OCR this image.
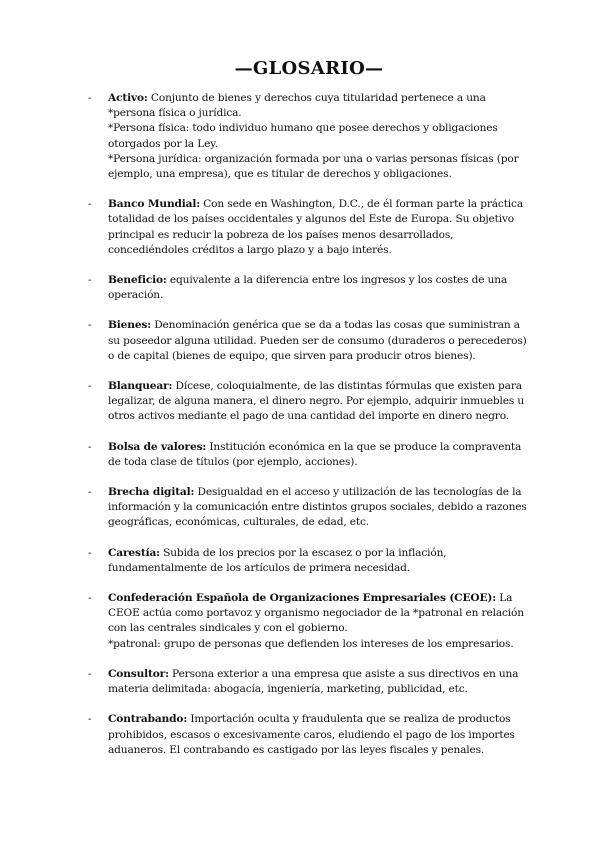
—GLOSARIO—
- Activo: Conjunto de bienes y derechos cuya titularidad pertenece a una *persona física o jurídica.
*Persona física: todo individuo humano que posee derechos y obligaciones otorgados por la Ley.
*Persona jurídica: organización formada por una o varias personas físicas (por ejemplo, una empresa), que es titular de derechos y obligaciones.
- Banco Mundial: Con sede en Washington, D.C., de él forman parte la práctica totalidad de los países occidentales y algunos del Este de Europa. Su objetivo principal es reducir la pobreza de los países menos desarrollados, concediéndoles créditos a largo plazo y a bajo interés.
- Beneficio: equivalente a la diferencia entre los ingresos y los costes de una operación.
- Bienes: Denominación genérica que se da a todas las cosas que suministran a su poseedor alguna utilidad. Pueden ser de consumo (duraderos o perecederos) o de capital (bienes de equipo, que sirven para producir otros bienes).
- Blanquear: Dícese, coloquialmente, de las distintas fórmulas que existen para legalizar, de alguna manera, el dinero negro. Por ejemplo, adquirir inmuebles u otros activos mediante el pago de una cantidad del importe en dinero negro.
- Bolsa de valores: Institución económica en la que se produce la compraventa de toda clase de títulos (por ejemplo, acciones).
- Brecha digital: Desigualdad en el acceso y utilización de las tecnologías de la información y la comunicación entre distintos grupos sociales, debido a razones geográficas, económicas, culturales, de edad, etc.
- Carestía: Subida de los precios por la escasez o por la inflación, fundamentalmente de los artículos de primera necesidad.
- Confederación Española de Organizaciones Empresariales (CEOE): La CEOE actúa como portavoz y organismo negociador de la *patronal en relación con las centrales sindicales y con el gobierno.
*patronal: grupo de personas que defienden los intereses de los empresarios.
- Consultor: Persona exterior a una empresa que asiste a sus directivos en una materia delimitada: abogacía, ingeniería, marketing, publicidad, etc.
- Contrabando: Importación oculta y fraudulenta que se realiza de productos prohibidos, escasos o excesivamente caros, eludiendo el pago de los importes aduaneros. El contrabando es castigado por las leyes fiscales y penales.
